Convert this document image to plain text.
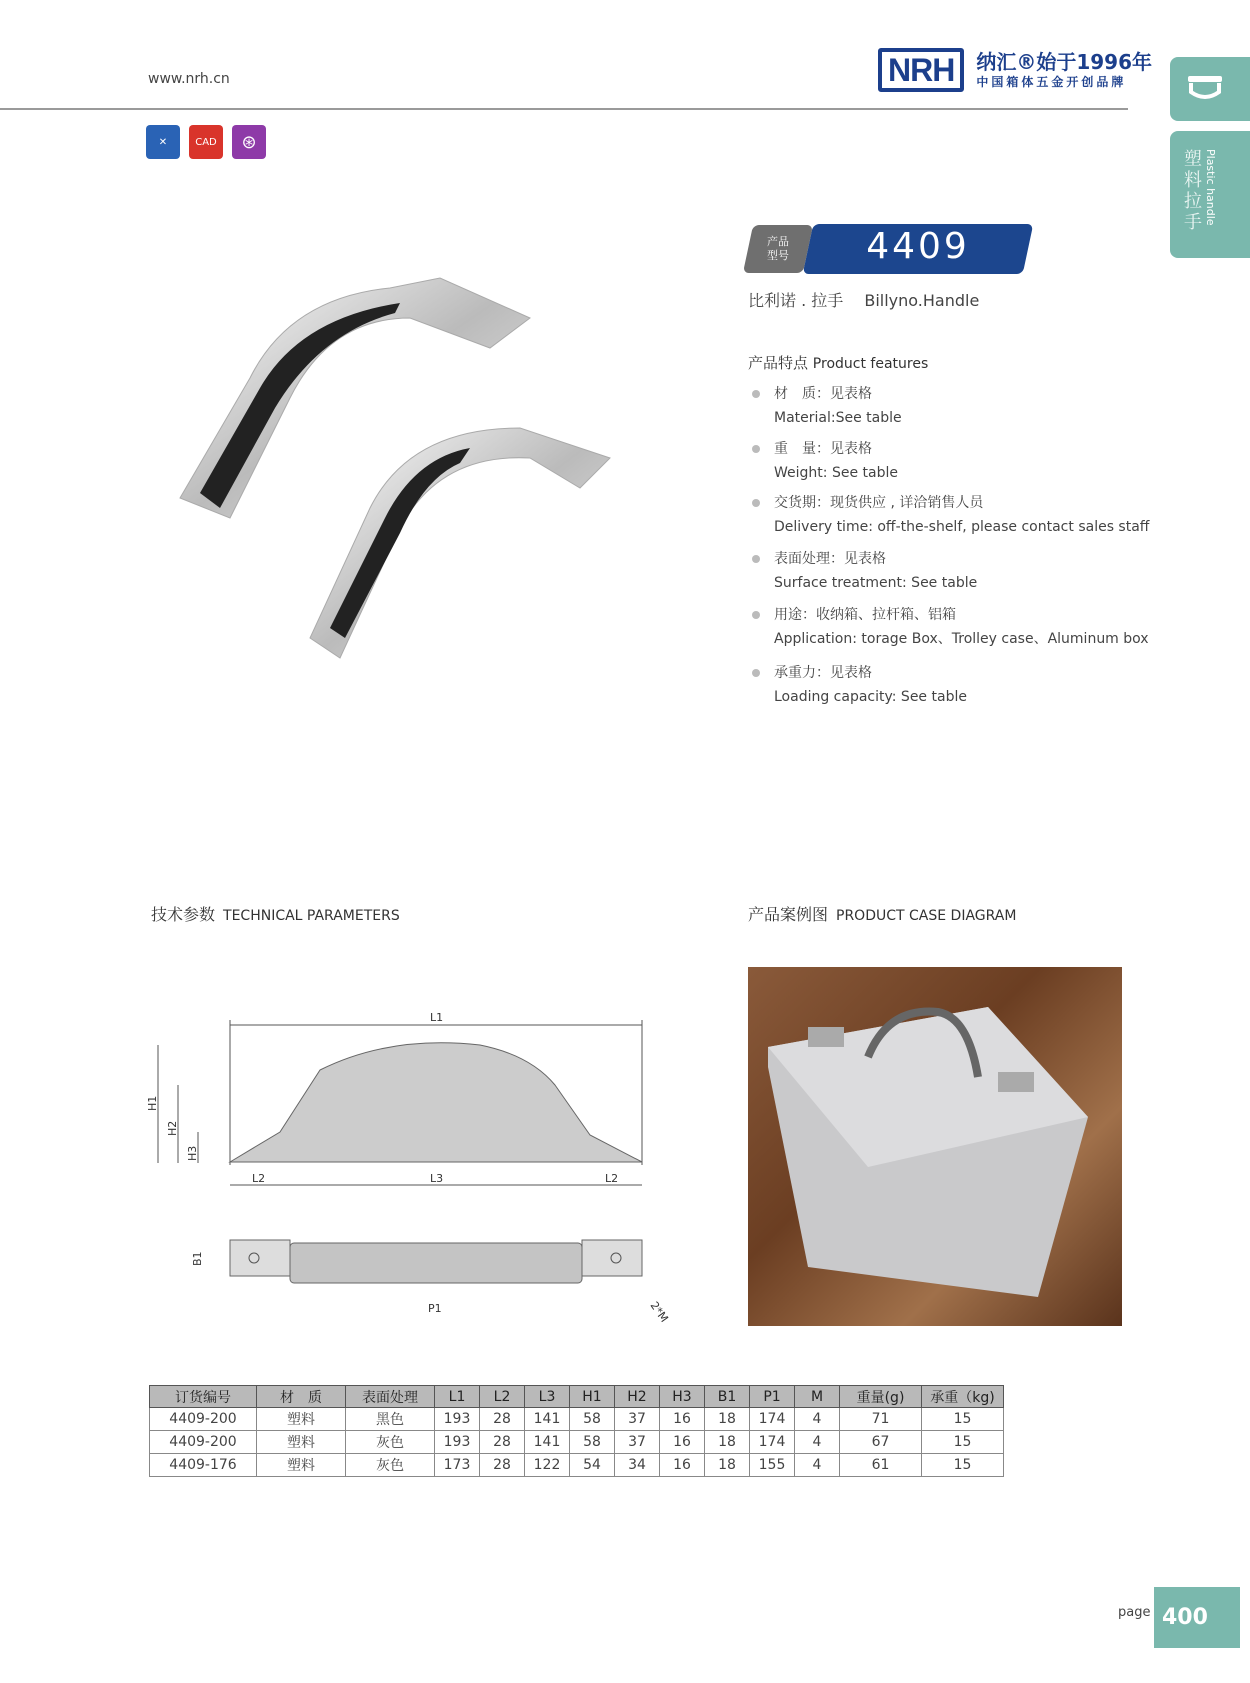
www.nrh.cn	NRH	纳汇®始于1996年
中国箱体五金开创品牌
塑料拉手 Plastic handle
✕	CAD	⊛
产品型号	4409
比利诺 . 拉手　 Billyno.Handle
产品特点 Product features
材　质：见表格
Material:See table
重　量：见表格
Weight: See table
交货期：现货供应 , 详洽销售人员
Delivery time: off-the-shelf, please contact sales staff
表面处理：见表格
Surface treatment: See table
用途：收纳箱、拉杆箱、铝箱
Application: torage Box、Trolley case、Aluminum box
承重力：见表格
Loading capacity: See table
技术参数 TECHNICAL PARAMETERS	产品案例图 PRODUCT CASE DIAGRAM
L1
L2	L3	L2
H1
H2
H3
B1
P1	2*M
订货编号	材　质	表面处理	L1	L2	L3	H1	H2	H3	B1	P1	M	重量(g)	承重（kg)
4409-200	塑料	黑色	193	28	141	58	37	16	18	174	4	71	15
4409-200	塑料	灰色	193	28	141	58	37	16	18	174	4	67	15
4409-176	塑料	灰色	173	28	122	54	34	16	18	155	4	61	15
page 400
